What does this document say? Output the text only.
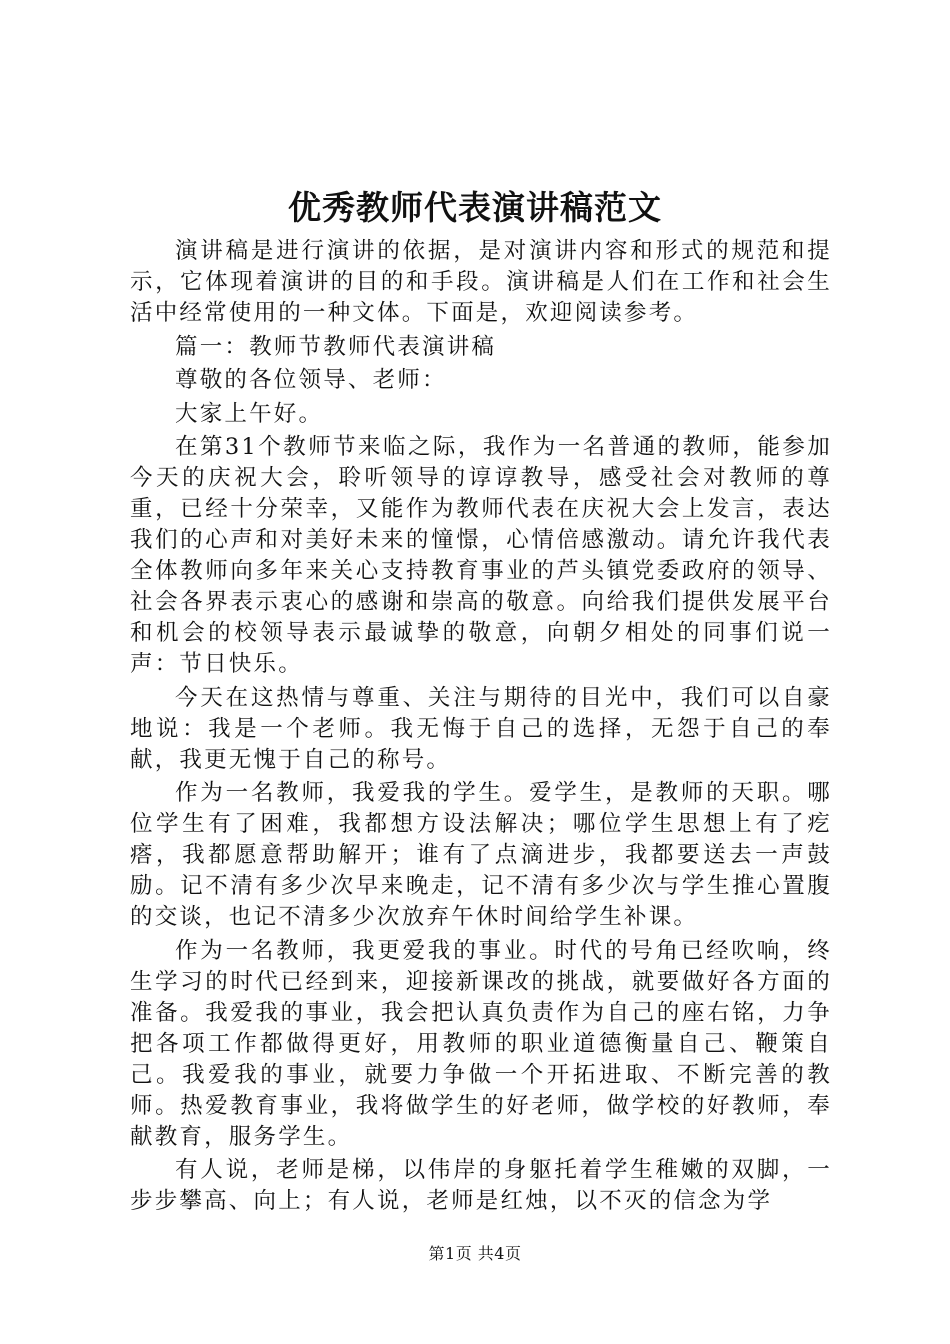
优秀教师代表演讲稿范文

演讲稿是进行演讲的依据，是对演讲内容和形式的规范和提示，它体现着演讲的目的和手段。演讲稿是人们在工作和社会生活中经常使用的一种文体。下面是，欢迎阅读参考。

篇一：教师节教师代表演讲稿

尊敬的各位领导、老师：

大家上午好。

在第31个教师节来临之际，我作为一名普通的教师，能参加今天的庆祝大会，聆听领导的谆谆教导，感受社会对教师的尊重，已经十分荣幸，又能作为教师代表在庆祝大会上发言，表达我们的心声和对美好未来的憧憬，心情倍感激动。请允许我代表全体教师向多年来关心支持教育事业的芦头镇党委政府的领导、社会各界表示衷心的感谢和崇高的敬意。向给我们提供发展平台和机会的校领导表示最诚挚的敬意，向朝夕相处的同事们说一声：节日快乐。

今天在这热情与尊重、关注与期待的目光中，我们可以自豪地说：我是一个老师。我无悔于自己的选择，无怨于自己的奉献，我更无愧于自己的称号。

作为一名教师，我爱我的学生。爱学生，是教师的天职。哪位学生有了困难，我都想方设法解决；哪位学生思想上有了疙瘩，我都愿意帮助解开；谁有了点滴进步，我都要送去一声鼓励。记不清有多少次早来晚走，记不清有多少次与学生推心置腹的交谈，也记不清多少次放弃午休时间给学生补课。

作为一名教师，我更爱我的事业。时代的号角已经吹响，终生学习的时代已经到来，迎接新课改的挑战，就要做好各方面的准备。我爱我的事业，我会把认真负责作为自己的座右铭，力争把各项工作都做得更好，用教师的职业道德衡量自己、鞭策自己。我爱我的事业，就要力争做一个开拓进取、不断完善的教师。热爱教育事业，我将做学生的好老师，做学校的好教师，奉献教育，服务学生。

有人说，老师是梯，以伟岸的身躯托着学生稚嫩的双脚，一步步攀高、向上；有人说，老师是红烛，以不灭的信念为学

第1页 共4页
